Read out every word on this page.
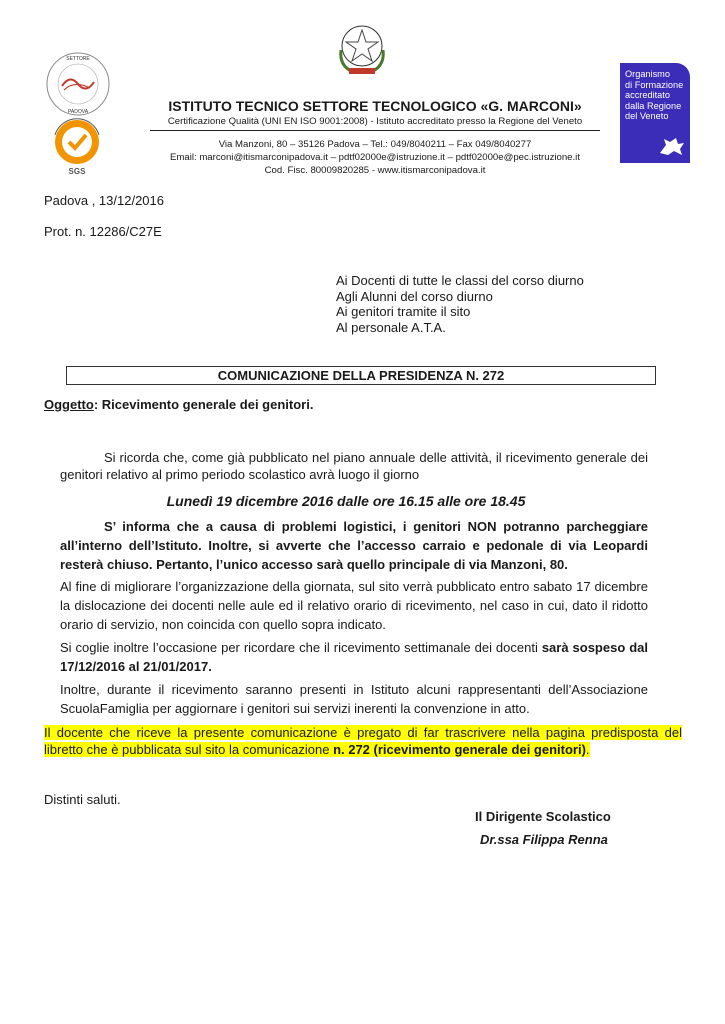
SETTORE
PADOVA
SGS
ISTITUTO TECNICO SETTORE TECNOLOGICO «G. MARCONI»
Certificazione Qualità (UNI EN ISO 9001:2008) - Istituto accreditato presso la Regione del Veneto
Via Manzoni, 80 – 35126 Padova – Tel.: 049/8040211 – Fax 049/8040277
Email: marconi@itismarconipadova.it – pdtf02000e@istruzione.it – pdtf02000e@pec.istruzione.it
Cod. Fisc. 80009820285 - www.itismarconipadova.it
Organismo
di Formazione
accreditato
dalla Regione
del Veneto
Padova , 13/12/2016
Prot. n. 12286/C27E
Ai Docenti di tutte le classi del corso diurno
Agli Alunni del corso diurno
Ai genitori tramite il sito
Al personale A.T.A.
COMUNICAZIONE DELLA PRESIDENZA N. 272
Oggetto: Ricevimento generale dei genitori.
Si ricorda che, come già pubblicato nel piano annuale delle attività, il ricevimento generale dei genitori relativo al primo periodo scolastico avrà luogo il giorno
Lunedì 19 dicembre 2016 dalle ore 16.15 alle ore 18.45
S’ informa che a causa di problemi logistici, i genitori NON potranno parcheggiare all’interno dell’Istituto. Inoltre, si avverte che l’accesso carraio e pedonale di via Leopardi resterà chiuso. Pertanto, l’unico accesso sarà quello principale di via Manzoni, 80.
Al fine di migliorare l’organizzazione della giornata, sul sito verrà pubblicato entro sabato 17 dicembre la dislocazione dei docenti nelle aule ed il relativo orario di ricevimento, nel caso in cui, dato il ridotto orario di servizio, non coincida con quello sopra indicato.
Si coglie inoltre l’occasione per ricordare che il ricevimento settimanale dei docenti sarà sospeso dal 17/12/2016 al 21/01/2017.
Inoltre, durante il ricevimento saranno presenti in Istituto alcuni rappresentanti dell’Associazione ScuolaFamiglia per aggiornare i genitori sui servizi inerenti la convenzione in atto.
Il docente che riceve la presente comunicazione è pregato di far trascrivere nella pagina predisposta del libretto che è pubblicata sul sito la comunicazione n. 272 (ricevimento generale dei genitori).
Distinti saluti.
Il Dirigente Scolastico
Dr.ssa Filippa Renna
